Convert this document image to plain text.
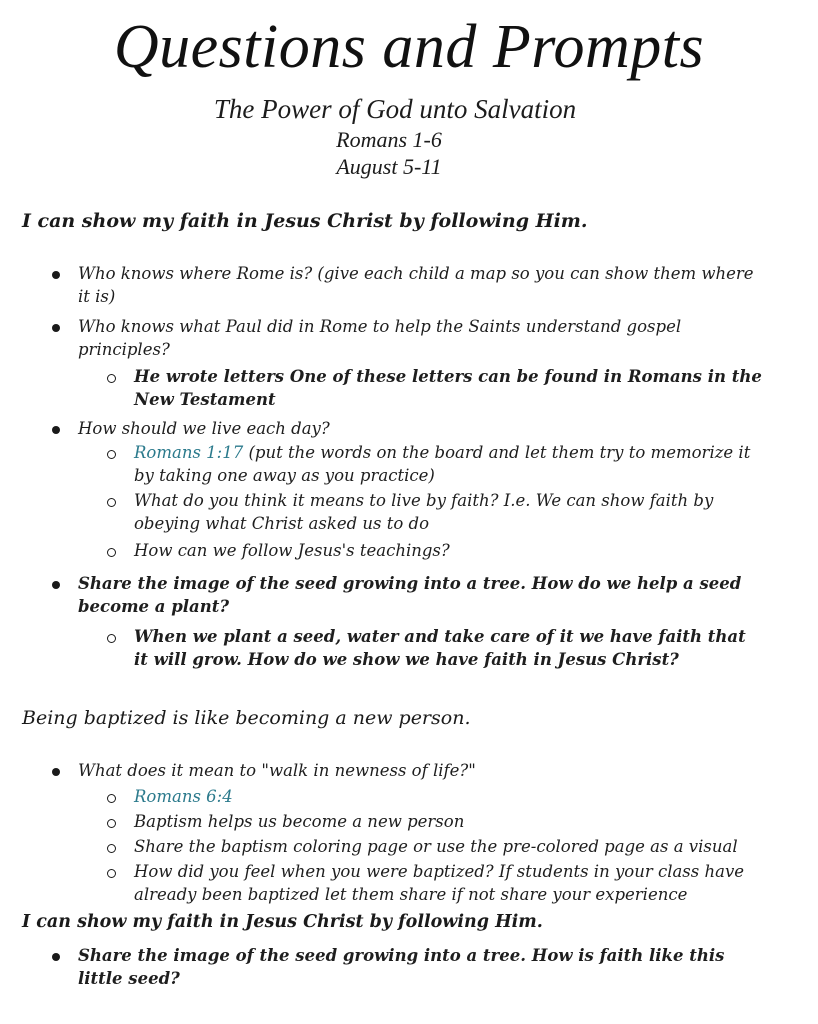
Questions and Prompts
The Power of God unto Salvation
Romans 1-6
August 5-11
I can show my faith in Jesus Christ by following Him.
Who knows where Rome is? (give each child a map so you can show them where it is)
Who knows what Paul did in Rome to help the Saints understand gospel principles?
He wrote letters One of these letters can be found in Romans in the New Testament
How should we live each day?
Romans 1:17 (put the words on the board and let them try to memorize it by taking one away as you practice)
What do you think it means to live by faith? I.e. We can show faith by obeying what Christ asked us to do
How can we follow Jesus's teachings?
Share the image of the seed growing into a tree. How do we help a seed become a plant?
When we plant a seed, water and take care of it we have faith that it will grow. How do we show we have faith in Jesus Christ?
Being baptized is like becoming a new person.
What does it mean to "walk in newness of life?"
Romans 6:4
Baptism helps us become a new person
Share the baptism coloring page or use the pre-colored page as a visual
How did you feel when you were baptized? If students in your class have already been baptized let them share if not share your experience
I can show my faith in Jesus Christ by following Him.
Share the image of the seed growing into a tree. How is faith like this little seed?
